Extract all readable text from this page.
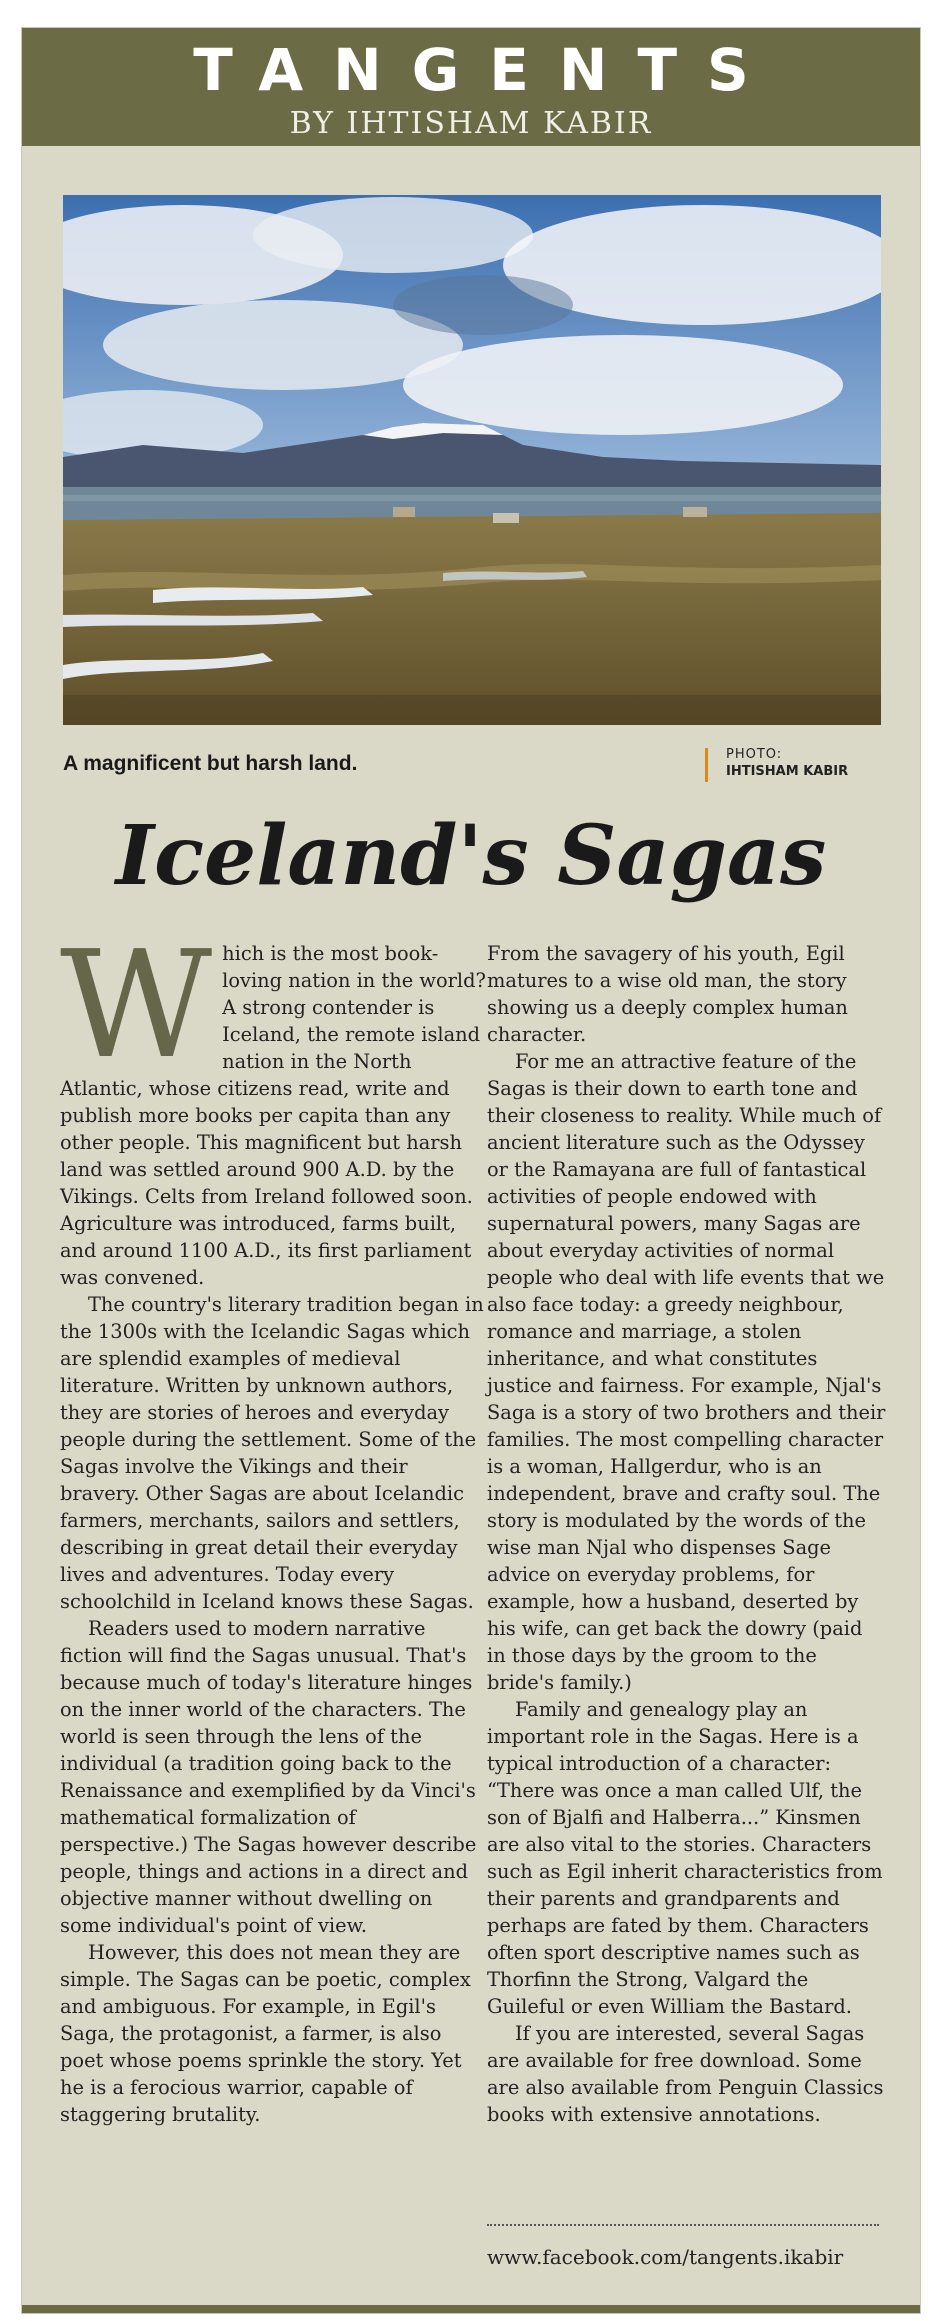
TANGENTS
BY IHTISHAM KABIR
A magnificent but harsh land.	PHOTO:
IHTISHAM KABIR
Iceland's Sagas

Which is the most book-loving nation in the world? A strong contender is Iceland, the remote island nation in the North Atlantic, whose citizens read, write and publish more books per capita than any other people. This magnificent but harsh land was settled around 900 A.D. by the Vikings. Celts from Ireland followed soon. Agriculture was introduced, farms built, and around 1100 A.D., its first parliament was convened.

The country's literary tradition began in the 1300s with the Icelandic Sagas which are splendid examples of medieval literature. Written by unknown authors, they are stories of heroes and everyday people during the settlement. Some of the Sagas involve the Vikings and their bravery. Other Sagas are about Icelandic farmers, merchants, sailors and settlers, describing in great detail their everyday lives and adventures. Today every schoolchild in Iceland knows these Sagas.

Readers used to modern narrative fiction will find the Sagas unusual. That's because much of today's literature hinges on the inner world of the characters. The world is seen through the lens of the individual (a tradition going back to the Renaissance and exemplified by da Vinci's mathematical formalization of perspective.) The Sagas however describe people, things and actions in a direct and objective manner without dwelling on some individual's point of view.

However, this does not mean they are simple. The Sagas can be poetic, complex and ambiguous. For example, in Egil's Saga, the protagonist, a farmer, is also poet whose poems sprinkle the story. Yet he is a ferocious warrior, capable of staggering brutality.

From the savagery of his youth, Egil matures to a wise old man, the story showing us a deeply complex human character.

For me an attractive feature of the Sagas is their down to earth tone and their closeness to reality. While much of ancient literature such as the Odyssey or the Ramayana are full of fantastical activities of people endowed with supernatural powers, many Sagas are about everyday activities of normal people who deal with life events that we also face today: a greedy neighbour, romance and marriage, a stolen inheritance, and what constitutes justice and fairness. For example, Njal's Saga is a story of two brothers and their families. The most compelling character is a woman, Hallgerdur, who is an independent, brave and crafty soul. The story is modulated by the words of the wise man Njal who dispenses Sage advice on everyday problems, for example, how a husband, deserted by his wife, can get back the dowry (paid in those days by the groom to the bride's family.)

Family and genealogy play an important role in the Sagas. Here is a typical introduction of a character: “There was once a man called Ulf, the son of Bjalfi and Halberra...” Kinsmen are also vital to the stories. Characters such as Egil inherit characteristics from their parents and grandparents and perhaps are fated by them. Characters often sport descriptive names such as Thorfinn the Strong, Valgard the Guileful or even William the Bastard.

If you are interested, several Sagas are available for free download. Some are also available from Penguin Classics books with extensive annotations.

www.facebook.com/tangents.ikabir
